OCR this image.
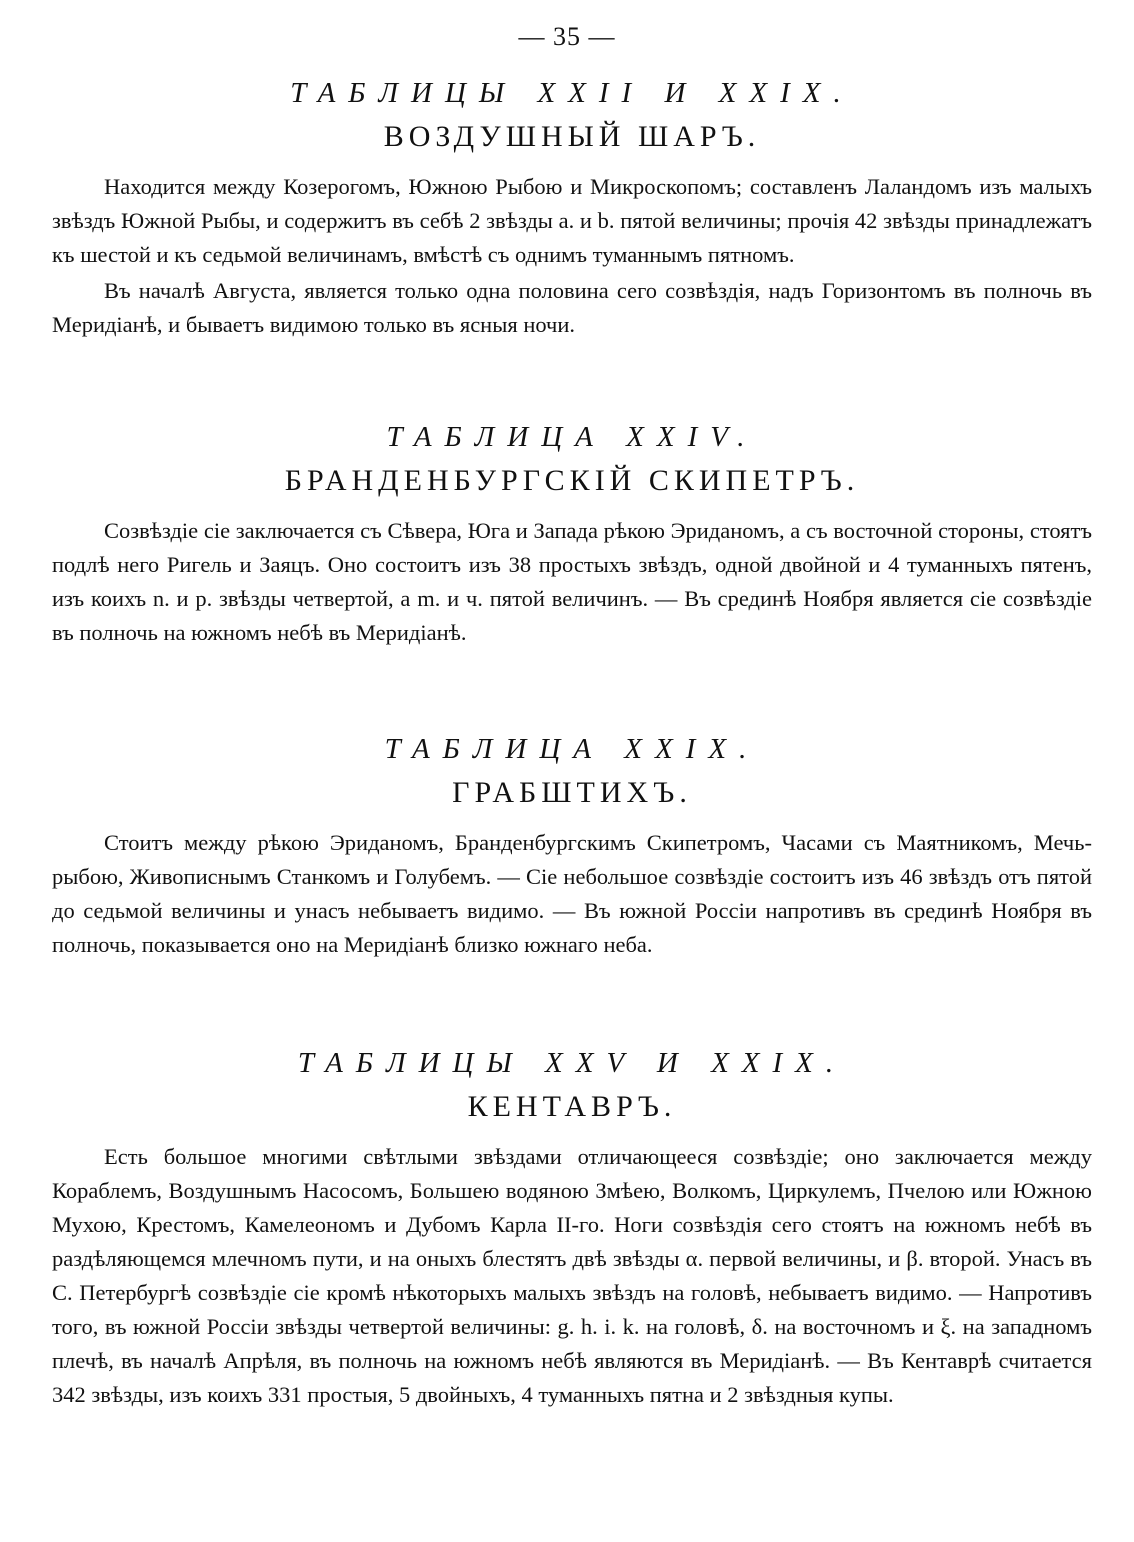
— 35 —
ТАБЛИЦЫ XXII И XXIX.
ВОЗДУШНЫЙ ШАРЪ.

Находится между Козерогомъ, Южною Рыбою и Микроскопомъ; составленъ Лаландомъ изъ малыхъ звѣздъ Южной Рыбы, и содержитъ въ себѣ 2 звѣзды a. и b. пятой величины; прочія 42 звѣзды принадлежатъ къ шестой и къ седьмой величинамъ, вмѣстѣ съ однимъ туманнымъ пятномъ.

Въ началѣ Августа, является только одна половина сего созвѣздія, надъ Горизонтомъ въ полночь въ Меридіанѣ, и бываетъ видимою только въ ясныя ночи.

ТАБЛИЦА XXIV.
БРАНДЕНБУРГСКІЙ СКИПЕТРЪ.

Созвѣздіе сіе заключается съ Сѣвера, Юга и Запада рѣкою Эриданомъ, а съ восточной стороны, стоятъ подлѣ него Ригель и Заяцъ. Оно состоитъ изъ 38 простыхъ звѣздъ, одной двойной и 4 туманныхъ пятенъ, изъ коихъ n. и p. звѣзды четвертой, а m. и ч. пятой величинъ. — Въ срединѣ Ноября является сіе созвѣздіе въ полночь на южномъ небѣ въ Меридіанѣ.

ТАБЛИЦА XXIX.
ГРАБШТИХЪ.

Стоитъ между рѣкою Эриданомъ, Бранденбургскимъ Скипетромъ, Часами съ Маятникомъ, Мечь-рыбою, Живописнымъ Станкомъ и Голубемъ. — Сіе небольшое созвѣздіе состоитъ изъ 46 звѣздъ отъ пятой до седьмой величины и унасъ небываетъ видимо. — Въ южной Россіи напротивъ въ срединѣ Ноября въ полночь, показывается оно на Меридіанѣ близко южнаго неба.

ТАБЛИЦЫ XXV И XXIX.
КЕНТАВРЪ.

Есть большое многими свѣтлыми звѣздами отличающееся созвѣздіе; оно заключается между Кораблемъ, Воздушнымъ Насосомъ, Большею водяною Змѣею, Волкомъ, Циркулемъ, Пчелою или Южною Мухою, Крестомъ, Камелеономъ и Дубомъ Карла II-го. Ноги созвѣздія сего стоятъ на южномъ небѣ въ раздѣляющемся млечномъ пути, и на оныхъ блестятъ двѣ звѣзды α. первой величины, и β. второй. Унасъ въ С. Петербургѣ созвѣздіе сіе кромѣ нѣкоторыхъ малыхъ звѣздъ на головѣ, небываетъ видимо. — Напротивъ того, въ южной Россіи звѣзды четвертой величины: g. h. i. k. на головѣ, δ. на восточномъ и ξ. на западномъ плечѣ, въ началѣ Апрѣля, въ полночь на южномъ небѣ являются въ Меридіанѣ. — Въ Кентаврѣ считается 342 звѣзды, изъ коихъ 331 простыя, 5 двойныхъ, 4 туманныхъ пятна и 2 звѣздныя купы.
